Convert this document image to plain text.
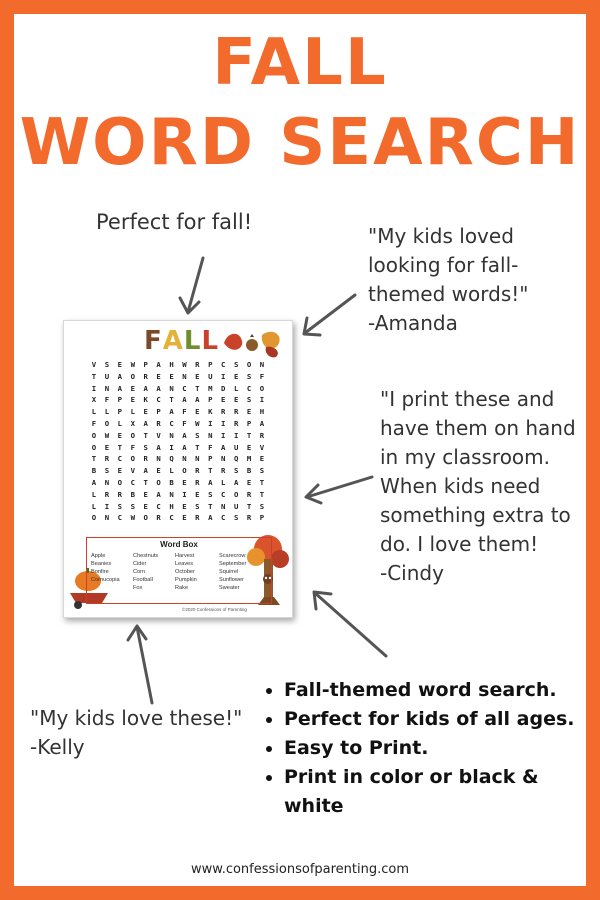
FALL
WORD SEARCH
Perfect for fall!
"My kids loved
looking for fall-
themed words!"
-Amanda
"I print these and
have them on hand
in my classroom.
When kids need
something extra to
do. I love them!
-Cindy
"My kids love these!"
-Kelly
• Fall-themed word search.
• Perfect for kids of all ages.
• Easy to Print.
• Print in color or black & white
www.confessionsofparenting.com
FALL
V	S	E	W	P	A	H	W	R	P	C	S	O	N
T	U	A	O	R	E	E	N	E	U	I	E	S	F
I	N	A	E	A	A	N	C	T	M	D	L	C	O
X	F	P	E	K	C	T	A	A	P	E	E	S	I
L	L	P	L	E	P	A	F	E	K	R	R	E	H
F	O	L	X	A	R	C	F	W	I	I	R	P	A
O	W	E	O	T	V	N	A	S	N	I	I	T	R
O	E	T	F	S	A	I	A	T	F	A	U	E	V
T	R	C	O	R	N	Q	N	N	P	N	Q	M	E
B	S	E	V	A	E	L	O	R	T	R	S	B	S
A	N	O	C	T	O	B	E	R	A	L	A	E	T
L	R	R	B	E	A	N	I	E	S	C	O	R	T
L	I	S	S	E	C	H	E	S	T	N	U	T	S
O	N	C	W	O	R	C	E	R	A	C	S	R	P
Word Box
Apple
Beanies
Bonfire
Cornucopia
Chestnuts
Cider
Corn
Football
Fox
Harvest
Leaves
October
Pumpkin
Rake
Scarecrow
September
Squirrel
Sunflower
Sweater
©2020 Confessions of Parenting
